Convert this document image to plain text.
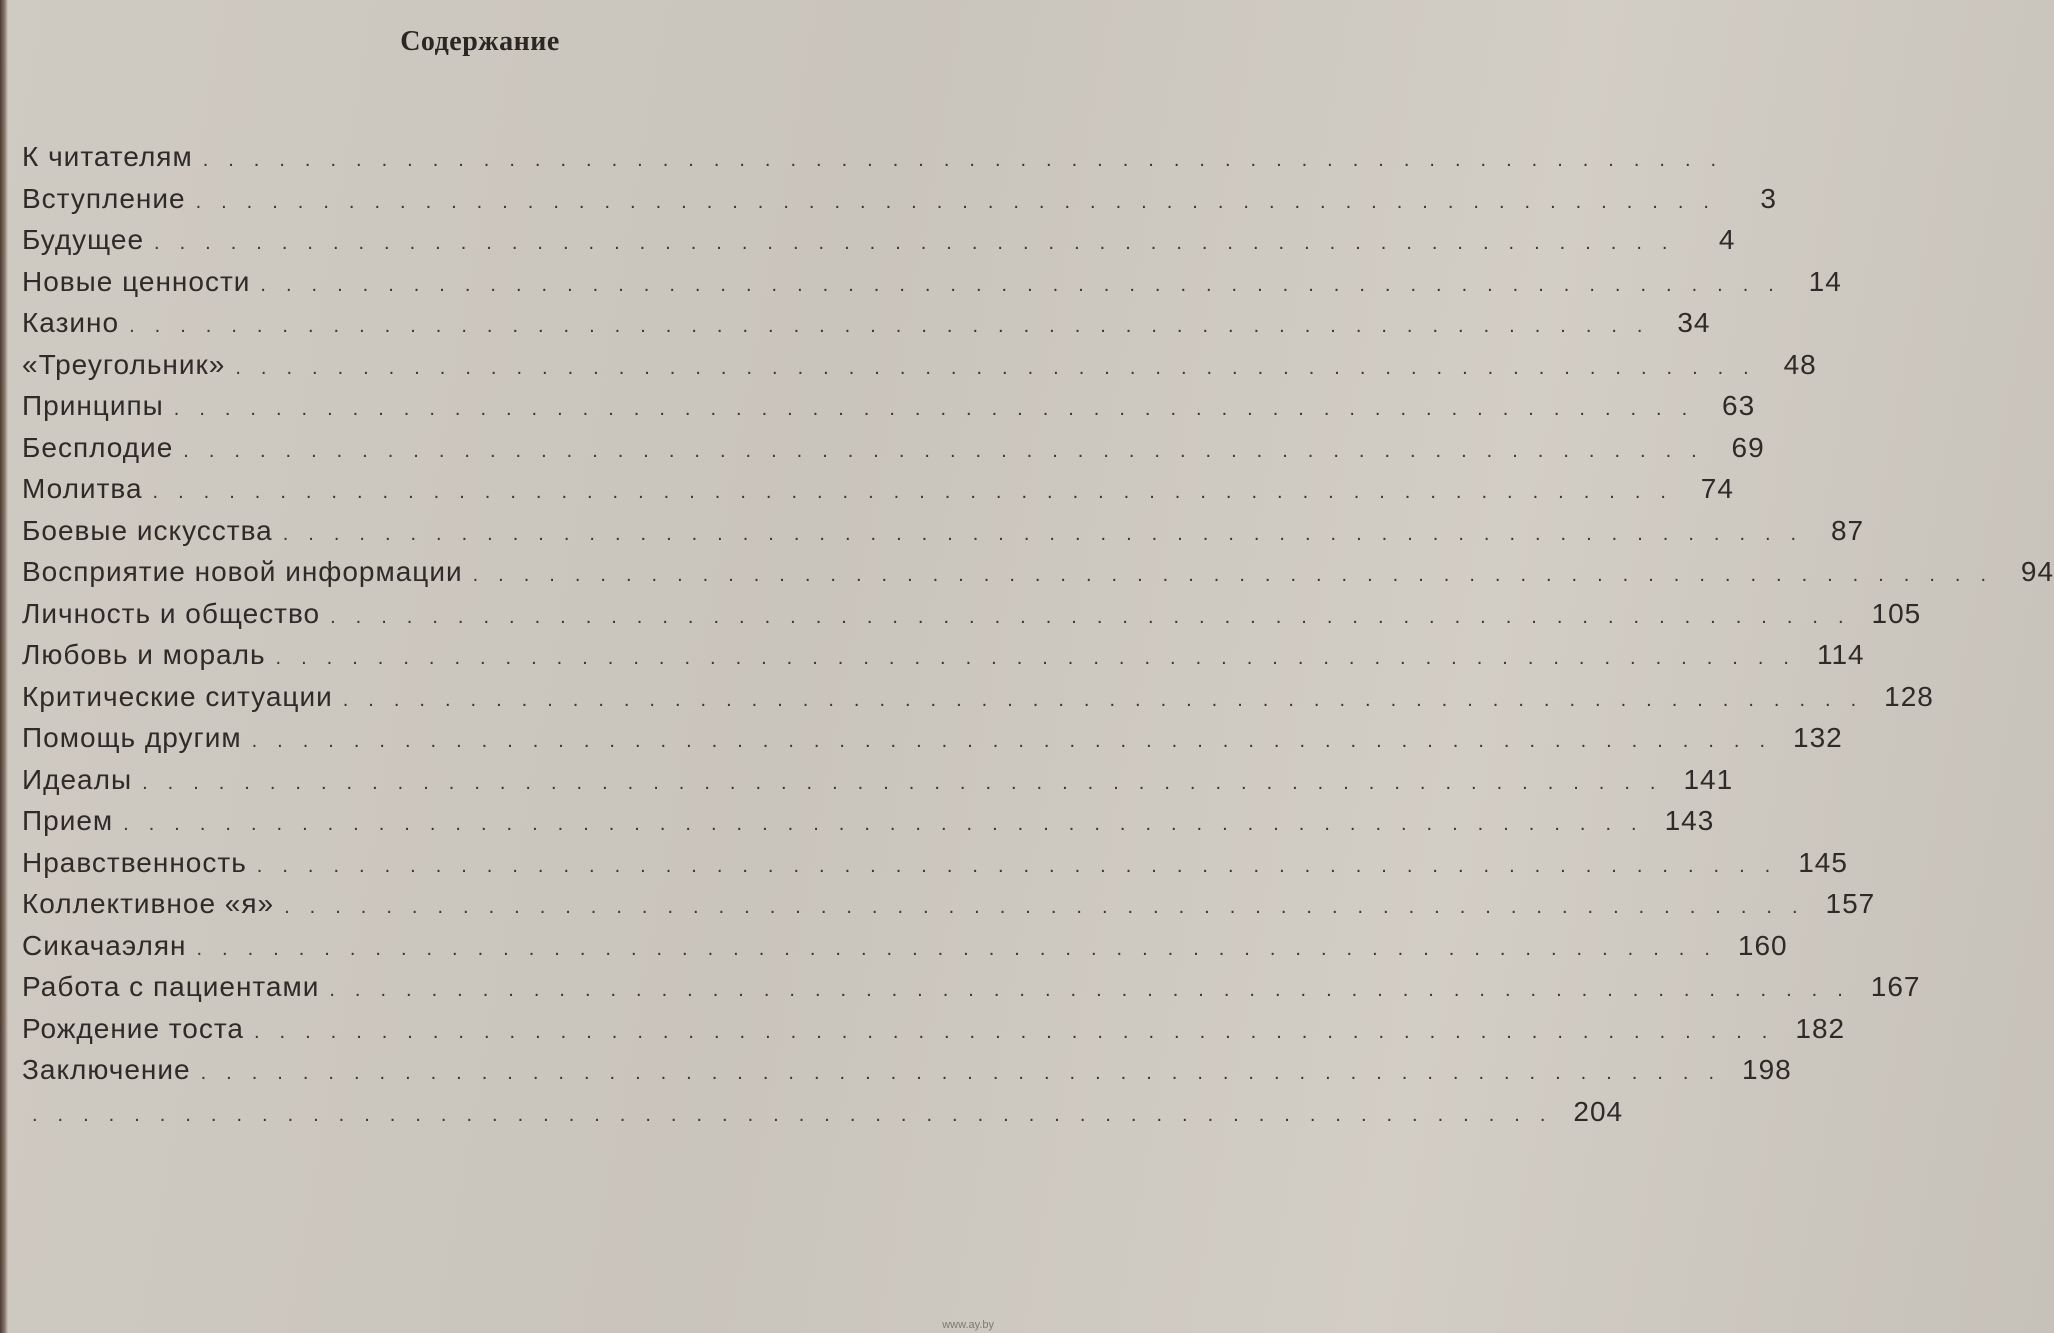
Содержание
К читателям ............................................................
Вступление ............................................................	3
Будущее ............................................................	4
Новые ценности ............................................................ 14
Казино ............................................................ 34
«Треугольник» ............................................................ 48
Принципы ............................................................ 63
Бесплодие ............................................................ 69
Молитва ............................................................ 74
Боевые искусства ............................................................ 87
Восприятие новой информации ............................................................ 94
Личность и общество ............................................................ 105
Любовь и мораль ............................................................ 114
Критические ситуации ............................................................ 128
Помощь другим ............................................................ 132
Идеалы ............................................................ 141
Прием ............................................................ 143
Нравственность ............................................................ 145
Коллективное «я» ............................................................ 157
Сикачаэлян ............................................................ 160
Работа с пациентами ............................................................ 167
Рождение тоста ............................................................ 182
Заключение ............................................................ 198
............................................................ 204
www.ay.by
